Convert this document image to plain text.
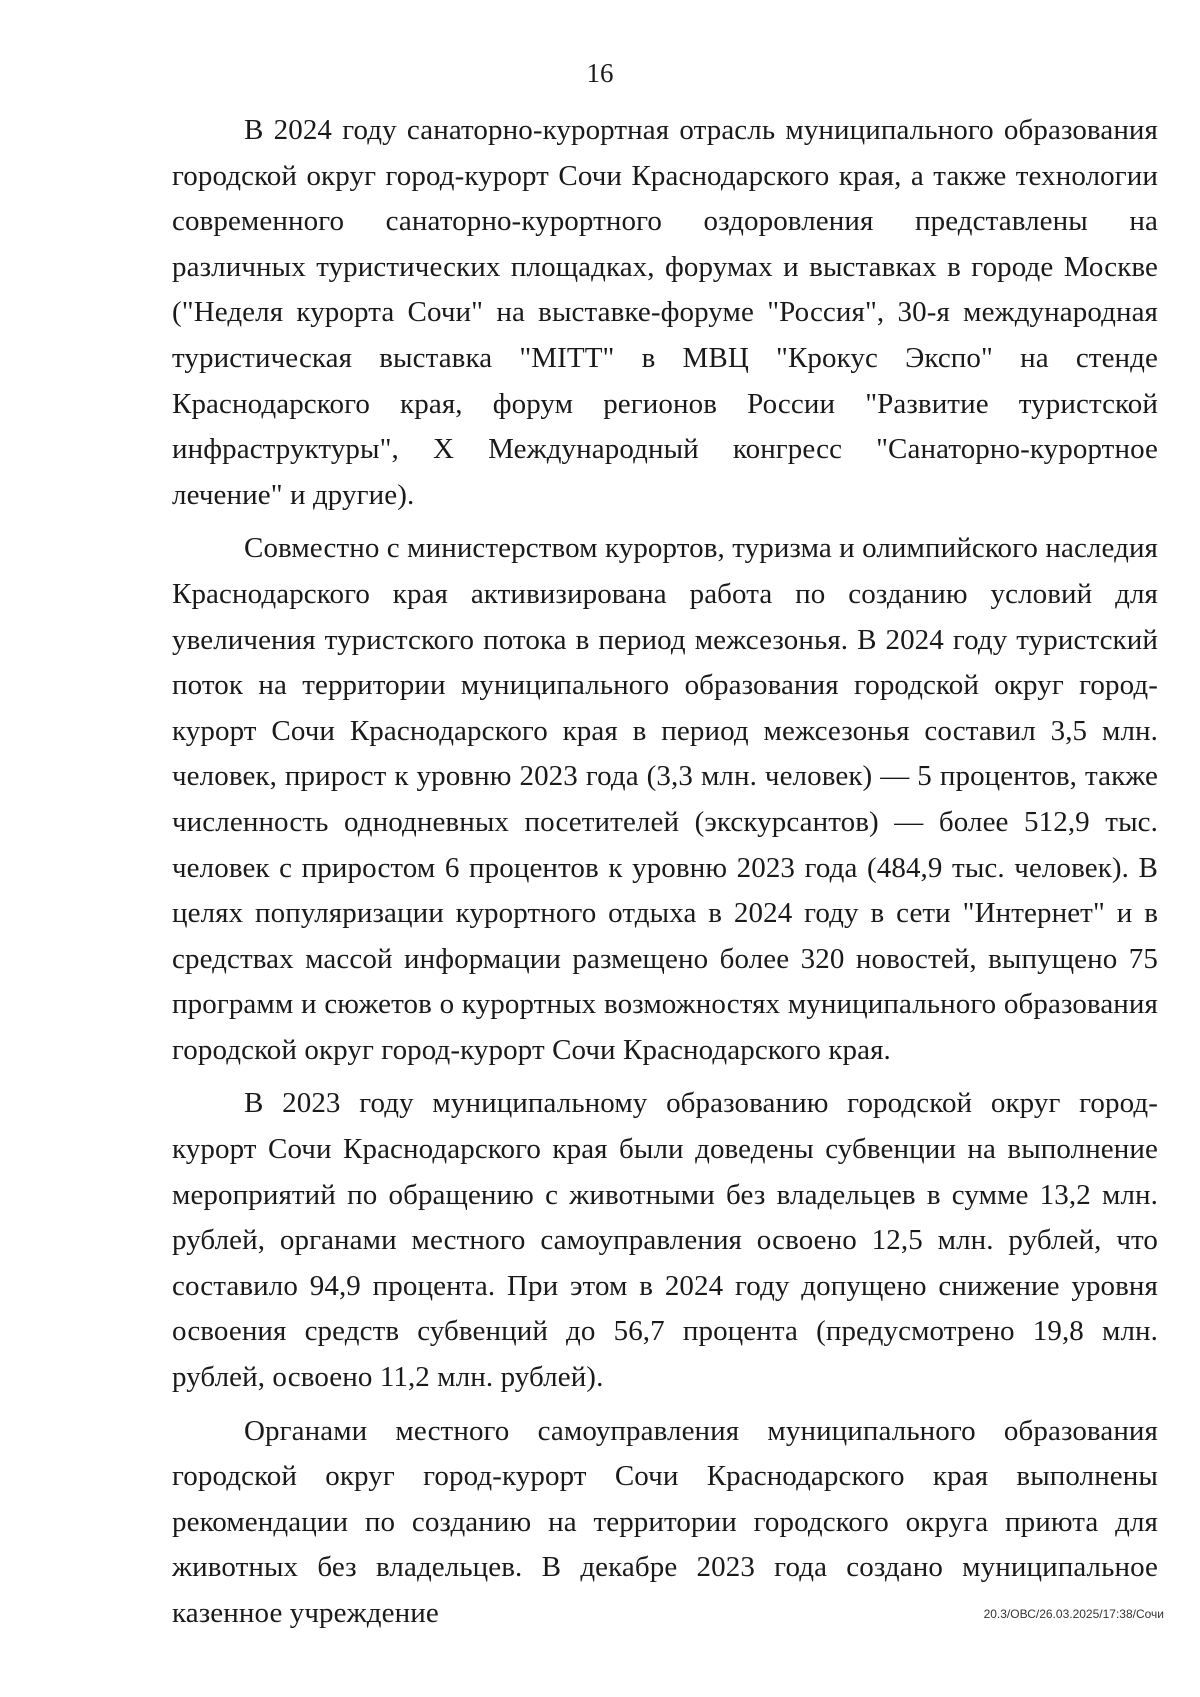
16

В 2024 году санаторно-курортная отрасль муниципального образования городской округ город-курорт Сочи Краснодарского края, а также технологии современного санаторно-курортного оздоровления представлены на различных туристических площадках, форумах и выставках в городе Москве ("Неделя курорта Сочи" на выставке-форуме "Россия", 30-я международная туристическая выставка "МІТТ" в МВЦ "Крокус Экспо" на стенде Краснодарского края, форум регионов России "Развитие туристской инфраструктуры", X Международный конгресс "Санаторно-курортное лечение" и другие).

Совместно с министерством курортов, туризма и олимпийского наследия Краснодарского края активизирована работа по созданию условий для увеличения туристского потока в период межсезонья. В 2024 году туристский поток на территории муниципального образования городской округ город-курорт Сочи Краснодарского края в период межсезонья составил 3,5 млн. человек, прирост к уровню 2023 года (3,3 млн. человек) — 5 процентов, также численность однодневных посетителей (экскурсантов) — более 512,9 тыс. человек с приростом 6 процентов к уровню 2023 года (484,9 тыс. человек). В целях популяризации курортного отдыха в 2024 году в сети "Интернет" и в средствах массой информации размещено более 320 новостей, выпущено 75 программ и сюжетов о курортных возможностях муниципального образования городской округ город-курорт Сочи Краснодарского края.

В 2023 году муниципальному образованию городской округ город-курорт Сочи Краснодарского края были доведены субвенции на выполнение мероприятий по обращению с животными без владельцев в сумме 13,2 млн. рублей, органами местного самоуправления освоено 12,5 млн. рублей, что составило 94,9 процента. При этом в 2024 году допущено снижение уровня освоения средств субвенций до 56,7 процента (предусмотрено 19,8 млн. рублей, освоено 11,2 млн. рублей).

Органами местного самоуправления муниципального образования городской округ город-курорт Сочи Краснодарского края выполнены рекомендации по созданию на территории городского округа приюта для животных без владельцев. В декабре 2023 года создано муниципальное казенное учреждение	20.3/ОВС/26.03.2025/17:38/Сочи
